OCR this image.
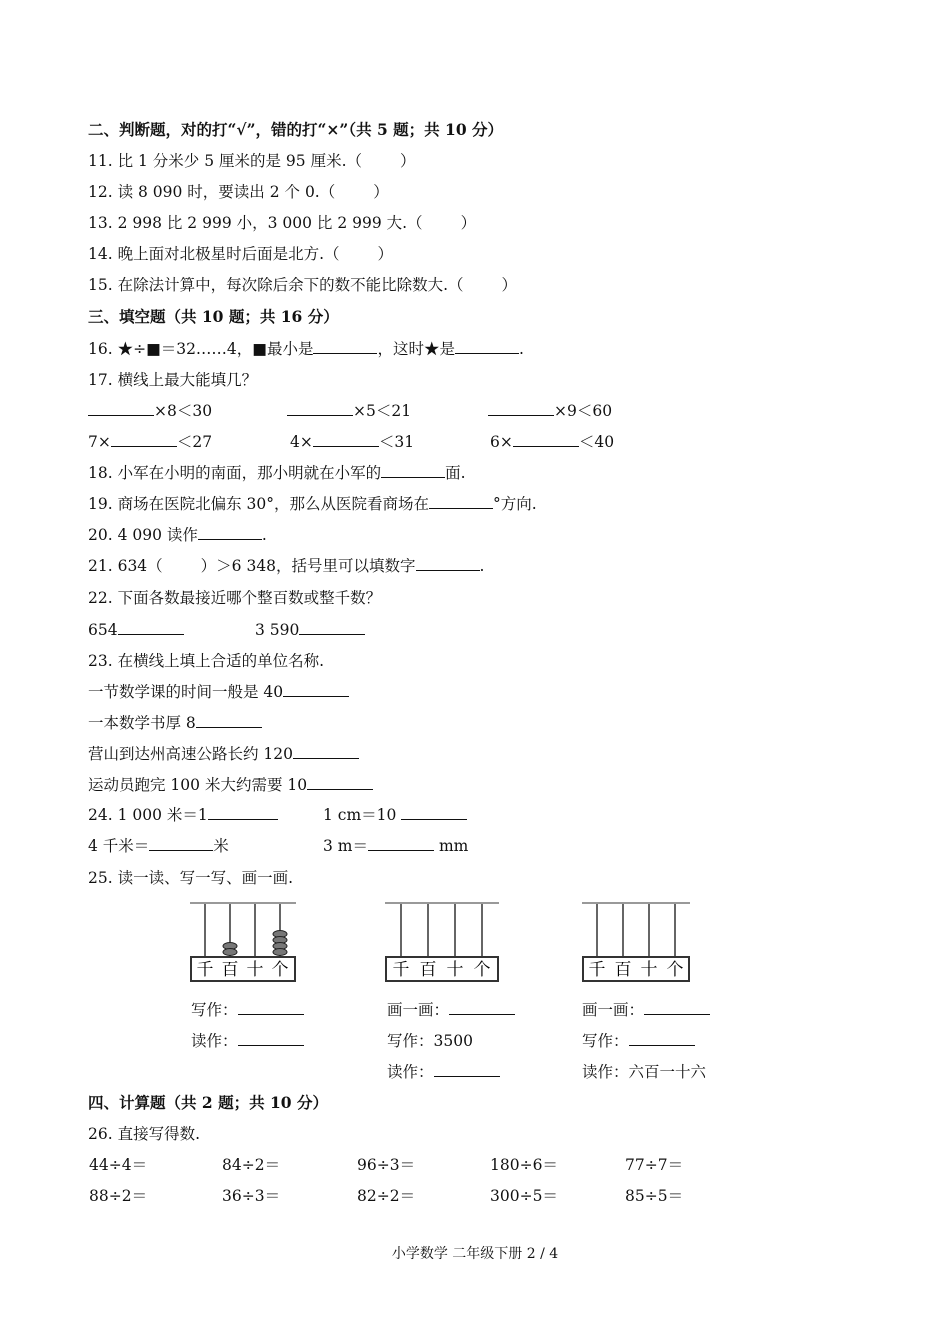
二、判断题，对的打“√”，错的打“×”（共 5 题；共 10 分）
11. 比 1 分米少 5 厘米的是 95 厘米.（ ）
12. 读 8 090 时，要读出 2 个 0.（ ）
13. 2 998 比 2 999 小，3 000 比 2 999 大.（ ）
14. 晚上面对北极星时后面是北方.（ ）
15. 在除法计算中，每次除后余下的数不能比除数大.（ ）
三、填空题（共 10 题；共 16 分）
16. ★÷■＝32……4，■最小是	，这时★是	.
17. 横线上最大能填几？
×8＜30	×5＜21	×9＜60
7×	＜27	4×	＜31	6×	＜40
18. 小军在小明的南面，那小明就在小军的	面.
19. 商场在医院北偏东 30°，那么从医院看商场在	°方向.
20. 4 090 读作	.
21. 634（ ）＞6 348，括号里可以填数字	.
22. 下面各数最接近哪个整百数或整千数？
654	3 590
23. 在横线上填上合适的单位名称.
一节数学课的时间一般是 40
一本数学书厚 8
营山到达州高速公路长约 120
运动员跑完 100 米大约需要 10
24. 1 000 米＝1	1 cm＝10
4 千米＝	米	3 m＝	mm
25. 读一读、写一写、画一画.
千 百 十 个	千 百 十 个	千 百 十 个
写作：
读作：
画一画：
写作：3500
读作：
画一画：
写作：
读作：六百一十六
四、计算题（共 2 题；共 10 分）
26. 直接写得数.
44÷4＝	84÷2＝	96÷3＝	180÷6＝	77÷7＝
88÷2＝	36÷3＝	82÷2＝	300÷5＝	85÷5＝
小学数学 二年级下册 2 / 4
